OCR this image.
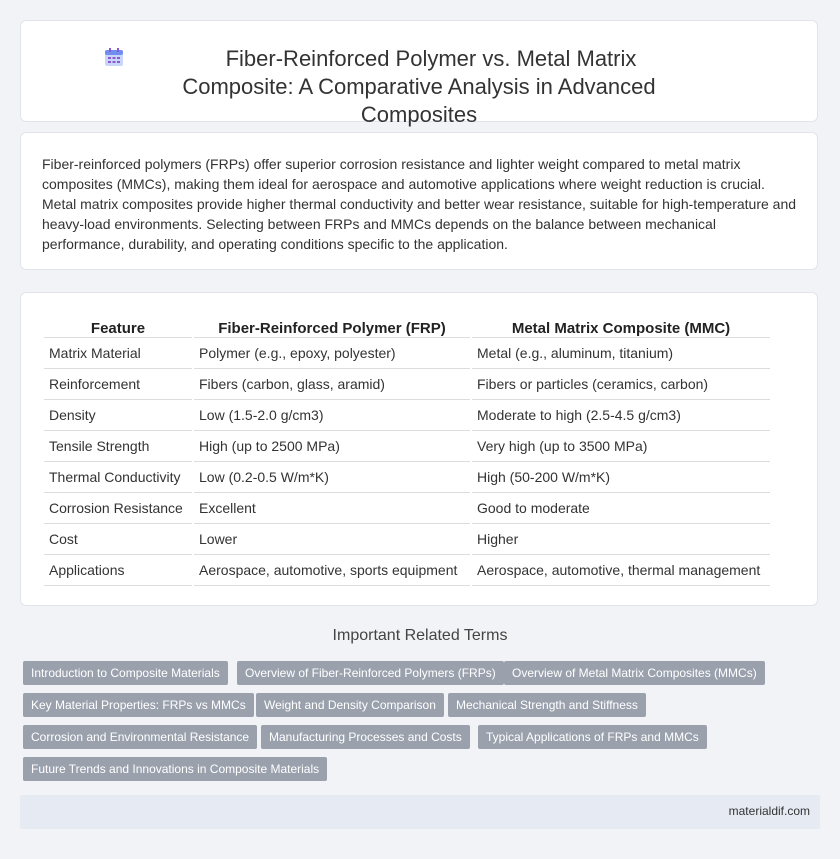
Fiber-Reinforced Polymer vs. Metal Matrix Composite: A Comparative Analysis in Advanced Composites

Fiber-reinforced polymers (FRPs) offer superior corrosion resistance and lighter weight compared to metal matrix composites (MMCs), making them ideal for aerospace and automotive applications where weight reduction is crucial. Metal matrix composites provide higher thermal conductivity and better wear resistance, suitable for high-temperature and heavy-load environments. Selecting between FRPs and MMCs depends on the balance between mechanical performance, durability, and operating conditions specific to the application.

Feature	Fiber-Reinforced Polymer (FRP)	Metal Matrix Composite (MMC)
Matrix Material	Polymer (e.g., epoxy, polyester)	Metal (e.g., aluminum, titanium)
Reinforcement	Fibers (carbon, glass, aramid)	Fibers or particles (ceramics, carbon)
Density	Low (1.5-2.0 g/cm3)	Moderate to high (2.5-4.5 g/cm3)
Tensile Strength	High (up to 2500 MPa)	Very high (up to 3500 MPa)
Thermal Conductivity	Low (0.2-0.5 W/m*K)	High (50-200 W/m*K)
Corrosion Resistance	Excellent	Good to moderate
Cost	Lower	Higher
Applications	Aerospace, automotive, sports equipment	Aerospace, automotive, thermal management
Important Related Terms
Introduction to Composite Materials	Overview of Fiber-Reinforced Polymers (FRPs)	Overview of Metal Matrix Composites (MMCs)
Key Material Properties: FRPs vs MMCs	Weight and Density Comparison	Mechanical Strength and Stiffness
Corrosion and Environmental Resistance	Manufacturing Processes and Costs	Typical Applications of FRPs and MMCs
Future Trends and Innovations in Composite Materials
materialdif.com
